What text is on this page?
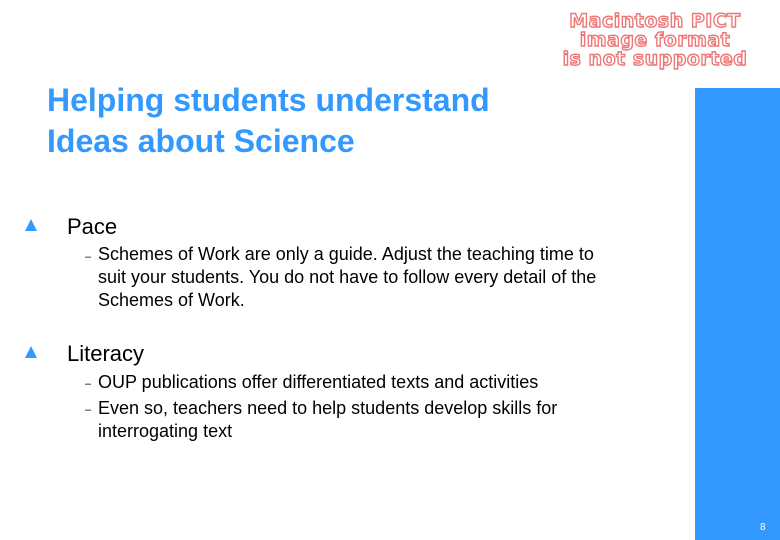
Macintosh PICT
image format
is not supported
Helping students understand
Ideas about Science
8
Pace
– Schemes of Work are only a guide. Adjust the teaching time to
suit your students. You do not have to follow every detail of the
Schemes of Work.
Literacy
– OUP publications offer differentiated texts and activities
– Even so, teachers need to help students develop skills for
interrogating text
